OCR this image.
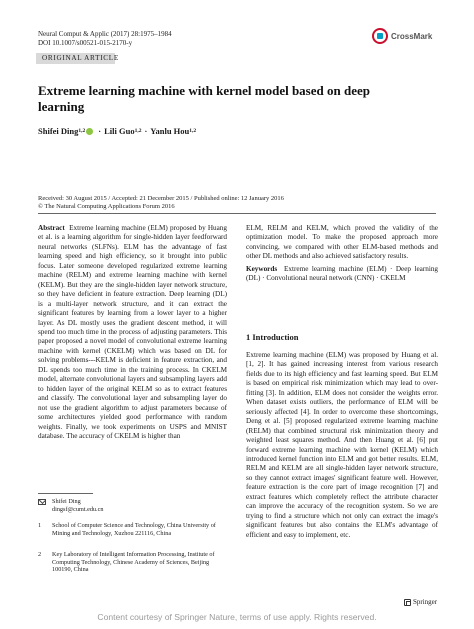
Neural Comput & Applic (2017) 28:1975–1984
DOI 10.1007/s00521-015-2170-y
CrossMark
ORIGINAL ARTICLE
Extreme learning machine with kernel model based on deep learning
Shifei Ding 1,2 · Lili Guo 1,2 · Yanlu Hou 1,2
Received: 30 August 2015 / Accepted: 21 December 2015 / Published online: 12 January 2016
© The Natural Computing Applications Forum 2016

Abstract Extreme learning machine (ELM) proposed by Huang et al. is a learning algorithm for single-hidden layer feedforward neural networks (SLFNs). ELM has the advantage of fast learning speed and high efficiency, so it brought into public focus. Later someone developed regularized extreme learning machine (RELM) and extreme learning machine with kernel (KELM). But they are the single-hidden layer network structure, so they have deficient in feature extraction. Deep learning (DL) is a multi-layer network structure, and it can extract the significant features by learning from a lower layer to a higher layer. As DL mostly uses the gradient descent method, it will spend too much time in the process of adjusting parameters. This paper proposed a novel model of convolutional extreme learning machine with kernel (CKELM) which was based on DL for solving problems---KELM is deficient in feature extraction, and DL spends too much time in the training process. In CKELM model, alternate convolutional layers and subsampling layers add to hidden layer of the original KELM so as to extract features and classify. The convolutional layer and subsampling layer do not use the gradient algorithm to adjust parameters because of some architectures yielded good performance with random weights. Finally, we took experiments on USPS and MNIST database. The accuracy of CKELM is higher than

ELM, RELM and KELM, which proved the validity of the optimization model. To make the proposed approach more convincing, we compared with other ELM-based methods and other DL methods and also achieved satisfactory results.

Keywords Extreme learning machine (ELM) · Deep learning (DL) · Convolutional neural network (CNN) · CKELM

1 Introduction

Extreme learning machine (ELM) was proposed by Huang et al. [1, 2]. It has gained increasing interest from various research fields due to its high efficiency and fast learning speed. But ELM is based on empirical risk minimization which may lead to over-fitting [3]. In addition, ELM does not consider the weights error. When dataset exists outliers, the performance of ELM will be seriously affected [4]. In order to overcome these shortcomings, Deng et al. [5] proposed regularized extreme learning machine (RELM) that combined structural risk minimization theory and weighted least squares method. And then Huang et al. [6] put forward extreme learning machine with kernel (KELM) which introduced kernel function into ELM and got better results. ELM, RELM and KELM are all single-hidden layer network structure, so they cannot extract images' significant feature well. However, feature extraction is the core part of image recognition [7] and extract features which completely reflect the attribute character can improve the accuracy of the recognition system. So we are trying to find a structure which not only can extract the image's significant features but also contains the ELM's advantage of efficient and easy to implement, etc.

Shifei Ding
dingsf@cumt.edu.cn
1	School of Computer Science and Technology, China University of Mining and Technology, Xuzhou 221116, China
2	Key Laboratory of Intelligent Information Processing, Institute of Computing Technology, Chinese Academy of Sciences, Beijing 100190, China
Springer
Content courtesy of Springer Nature, terms of use apply. Rights reserved.
